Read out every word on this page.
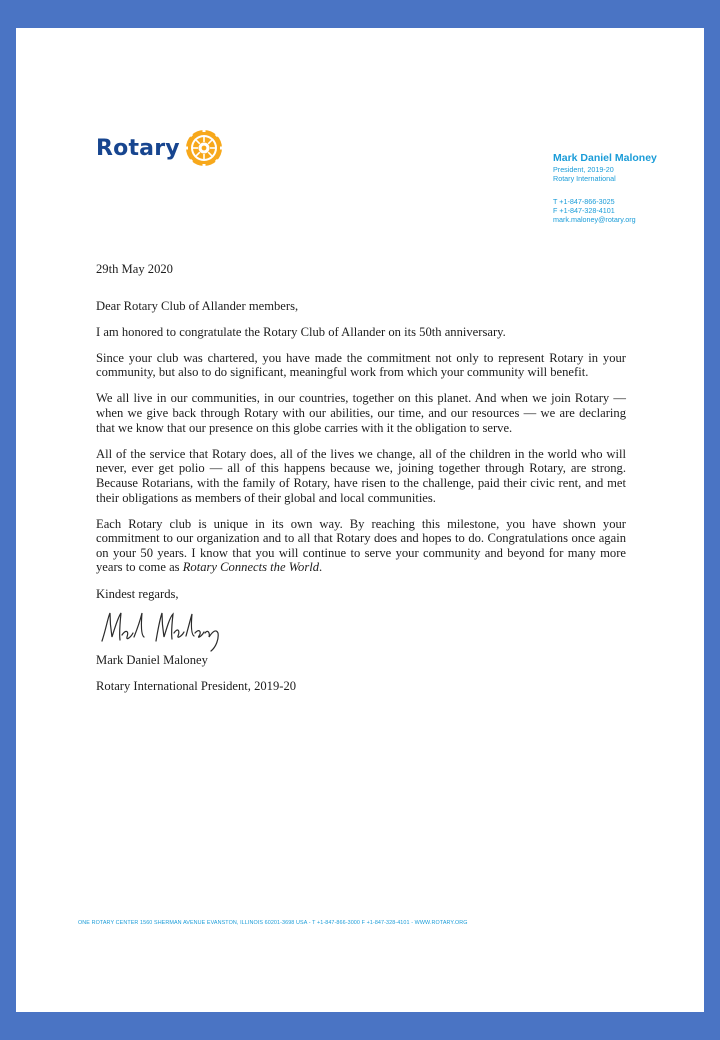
Rotary	Mark Daniel Maloney
President, 2019-20
Rotary International
T +1-847-866-3025
F +1-847-328-4101
mark.maloney@rotary.org

29th May 2020

Dear Rotary Club of Allander members,

I am honored to congratulate the Rotary Club of Allander on its 50th anniversary.

Since your club was chartered, you have made the commitment not only to represent Rotary in your community, but also to do significant, meaningful work from which your community will benefit.

We all live in our communities, in our countries, together on this planet. And when we join Rotary — when we give back through Rotary with our abilities, our time, and our resources — we are declaring that we know that our presence on this globe carries with it the obligation to serve.

All of the service that Rotary does, all of the lives we change, all of the children in the world who will never, ever get polio — all of this happens because we, joining together through Rotary, are strong. Because Rotarians, with the family of Rotary, have risen to the challenge, paid their civic rent, and met their obligations as members of their global and local communities.

Each Rotary club is unique in its own way. By reaching this milestone, you have shown your commitment to our organization and to all that Rotary does and hopes to do. Congratulations once again on your 50 years. I know that you will continue to serve your community and beyond for many more years to come as Rotary Connects the World.

Kindest regards,

Mark Daniel Maloney

Rotary International President, 2019-20

ONE ROTARY CENTER 1560 SHERMAN AVENUE EVANSTON, ILLINOIS 60201-3698 USA - T +1-847-866-3000 F +1-847-328-4101 - WWW.ROTARY.ORG
